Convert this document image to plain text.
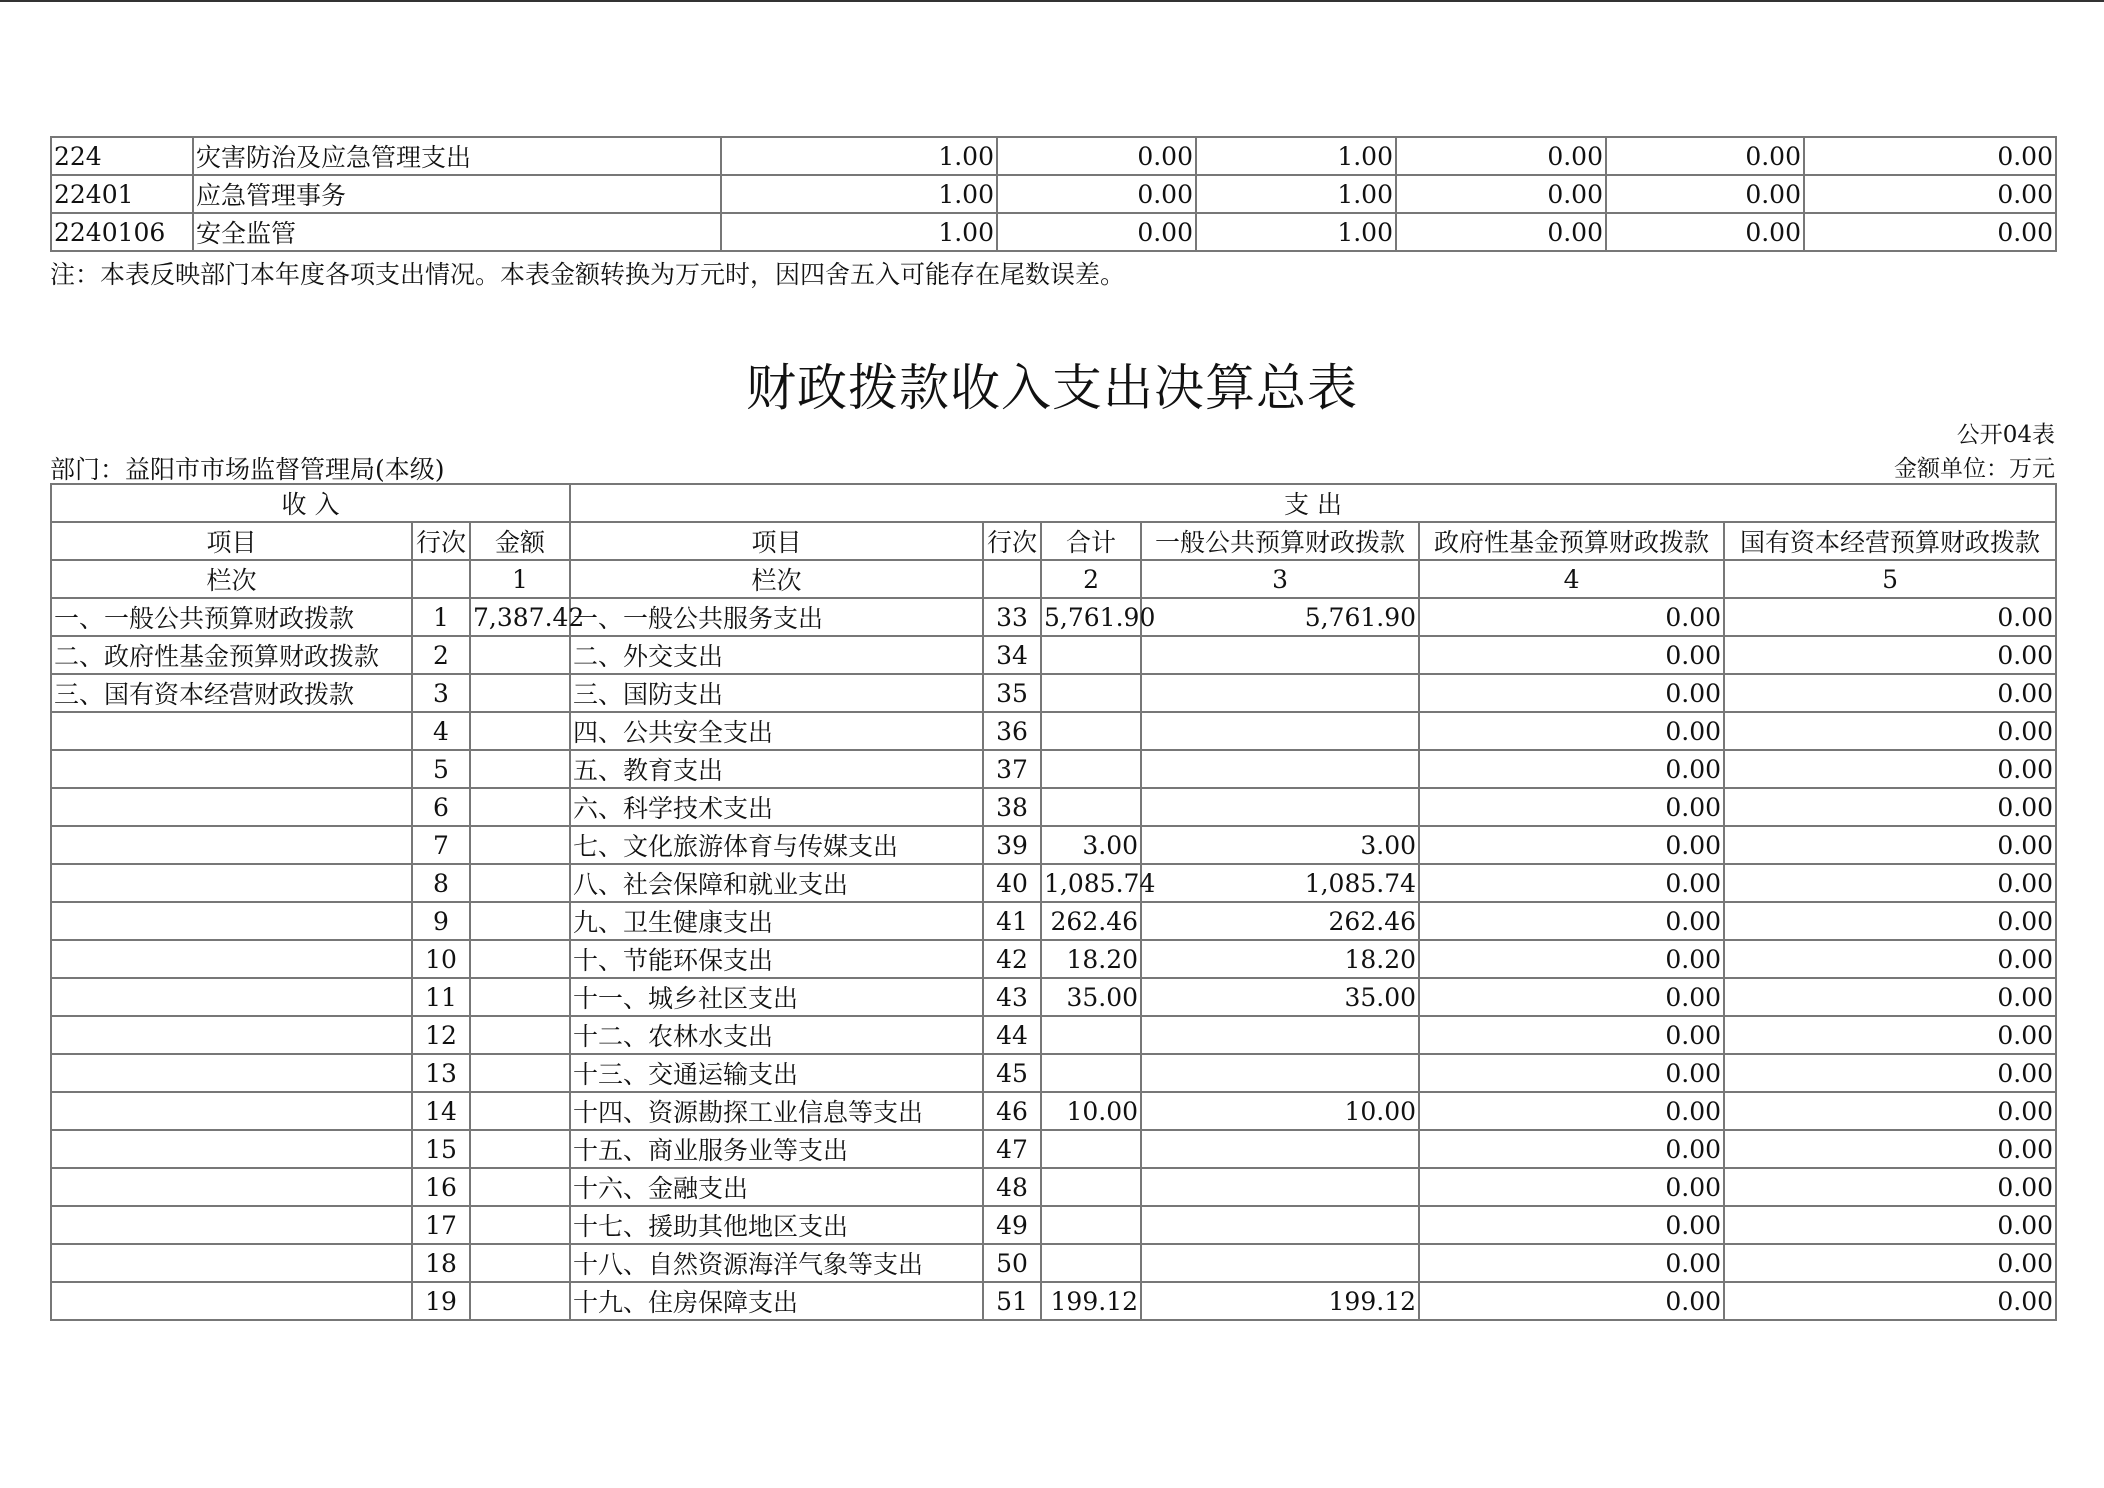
224	灾害防治及应急管理支出	1.00	0.00	1.00	0.00	0.00	0.00
22401	应急管理事务	1.00	0.00	1.00	0.00	0.00	0.00
2240106	安全监管	1.00	0.00	1.00	0.00	0.00	0.00
注：本表反映部门本年度各项支出情况。本表金额转换为万元时，因四舍五入可能存在尾数误差。
财政拨款收入支出决算总表
公开04表
部门：益阳市市场监督管理局(本级)	金额单位：万元
收 入			支 出					
项目	行次	金额	项目	行次	合计	一般公共预算财政拨款	政府性基金预算财政拨款	国有资本经营预算财政拨款
栏次		1	栏次		2	3	4	5
一、一般公共预算财政拨款	1	7,387.42	一、一般公共服务支出	33	5,761.90	5,761.90	0.00	0.00
二、政府性基金预算财政拨款	2		二、外交支出	34			0.00	0.00
三、国有资本经营财政拨款	3		三、国防支出	35			0.00	0.00
	4		四、公共安全支出	36			0.00	0.00
	5		五、教育支出	37			0.00	0.00
	6		六、科学技术支出	38			0.00	0.00
	7		七、文化旅游体育与传媒支出	39	3.00	3.00	0.00	0.00
	8		八、社会保障和就业支出	40	1,085.74	1,085.74	0.00	0.00
	9		九、卫生健康支出	41	262.46	262.46	0.00	0.00
	10		十、节能环保支出	42	18.20	18.20	0.00	0.00
	11		十一、城乡社区支出	43	35.00	35.00	0.00	0.00
	12		十二、农林水支出	44			0.00	0.00
	13		十三、交通运输支出	45			0.00	0.00
	14		十四、资源勘探工业信息等支出	46	10.00	10.00	0.00	0.00
	15		十五、商业服务业等支出	47			0.00	0.00
	16		十六、金融支出	48			0.00	0.00
	17		十七、援助其他地区支出	49			0.00	0.00
	18		十八、自然资源海洋气象等支出	50			0.00	0.00
	19		十九、住房保障支出	51	199.12	199.12	0.00	0.00
